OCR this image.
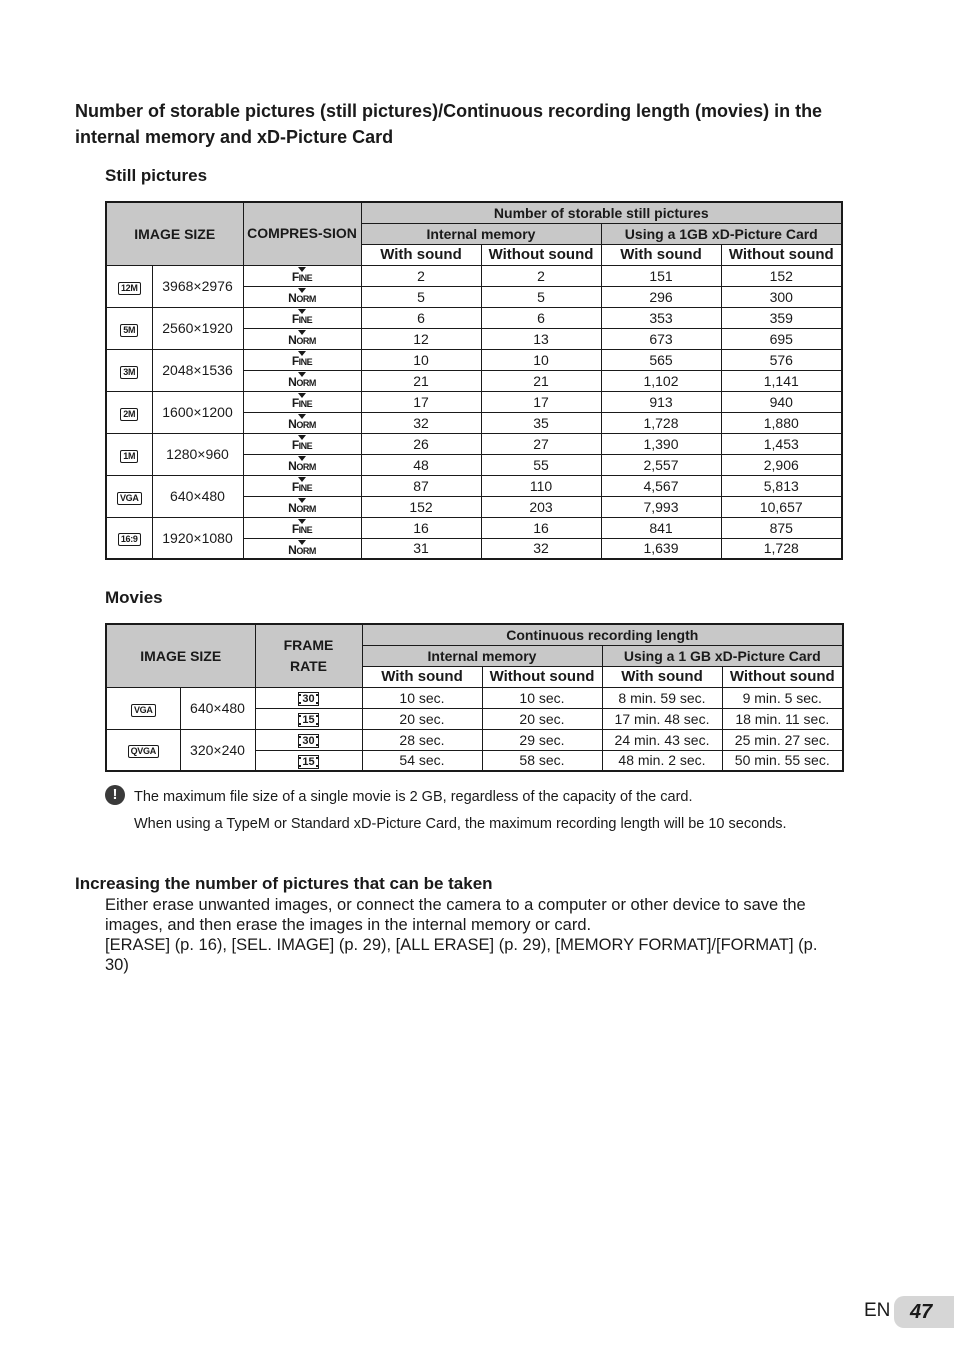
Number of storable pictures (still pictures)/Continuous recording length (movies) in the internal memory and xD-Picture Card
Still pictures
IMAGE SIZE		COMPRES-SION	Number of storable still pictures			
			Internal memory		Using a 1GB xD-Picture Card	
			With sound	Without sound	With sound	Without sound
12M	3968×2976	FINE	2	2	151	152
		NORM	5	5	296	300
5M	2560×1920	FINE	6	6	353	359
		NORM	12	13	673	695
3M	2048×1536	FINE	10	10	565	576
		NORM	21	21	1,102	1,141
2M	1600×1200	FINE	17	17	913	940
		NORM	32	35	1,728	1,880
1M	1280×960	FINE	26	27	1,390	1,453
		NORM	48	55	2,557	2,906
VGA	640×480	FINE	87	110	4,567	5,813
		NORM	152	203	7,993	10,657
16:9	1920×1080	FINE	16	16	841	875
		NORM	31	32	1,639	1,728
Movies
IMAGE SIZE		FRAME RATE	Continuous recording length			
			Internal memory		Using a 1 GB xD-Picture Card	
			With sound	Without sound	With sound	Without sound
VGA	640×480	30	10 sec.	10 sec.	8 min. 59 sec.	9 min. 5 sec.
		15	20 sec.	20 sec.	17 min. 48 sec.	18 min. 11 sec.
QVGA	320×240	30	28 sec.	29 sec.	24 min. 43 sec.	25 min. 27 sec.
		15	54 sec.	58 sec.	48 min. 2 sec.	50 min. 55 sec.
!	The maximum file size of a single movie is 2 GB, regardless of the capacity of the card.

When using a TypeM or Standard xD-Picture Card, the maximum recording length will be 10 seconds.

Increasing the number of pictures that can be taken

Either erase unwanted images, or connect the camera to a computer or other device to save the images, and then erase the images in the internal memory or card.

[ERASE] (p. 16), [SEL. IMAGE] (p. 29), [ALL ERASE] (p. 29), [MEMORY FORMAT]/[FORMAT] (p. 30)

EN 47
